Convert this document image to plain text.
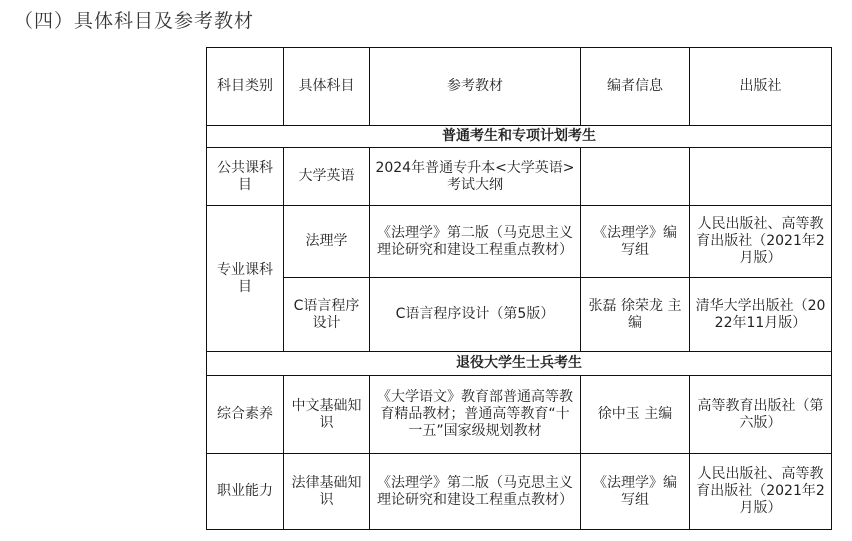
（四）具体科目及参考教材
科目类别	具体科目	参考教材	编者信息	出版社
普通考生和专项计划考生				
公共课科目	大学英语	2024年普通专升本<大学英语>考试大纲		
专业课科目	法理学	《法理学》第二版（马克思主义理论研究和建设工程重点教材）	《法理学》编写组	人民出版社、高等教育出版社（2021年2月版）
	C语言程序设计	C语言程序设计（第5版）	张磊 徐荣龙 主编	清华大学出版社（2022年11月版）
退役大学生士兵考生				
综合素养	中文基础知识	《大学语文》教育部普通高等教育精品教材；普通高等教育“十一五”国家级规划教材	徐中玉 主编	高等教育出版社（第六版）
职业能力	法律基础知识	《法理学》第二版（马克思主义理论研究和建设工程重点教材）	《法理学》编写组	人民出版社、高等教育出版社（2021年2月版）
